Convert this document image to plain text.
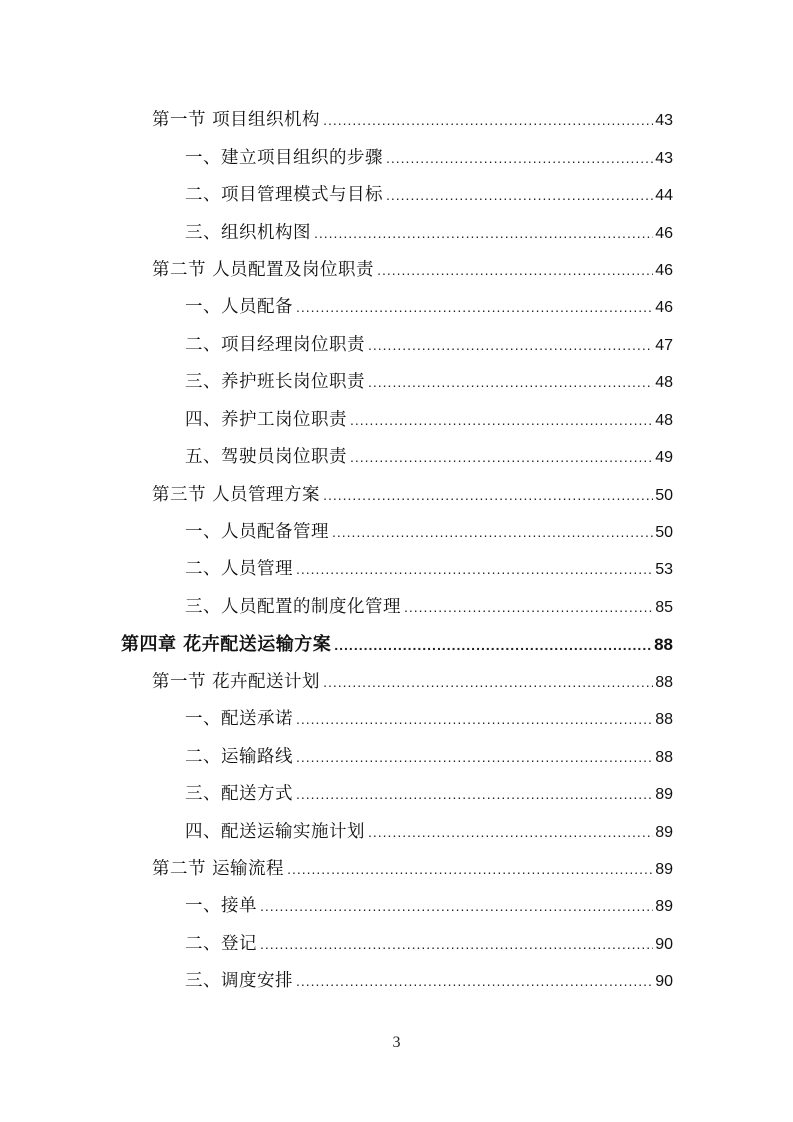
第一节 项目组织机构 .....	43
一、建立项目组织的步骤 .....	43
二、项目管理模式与目标 .....	44
三、组织机构图 .....	46
第二节 人员配置及岗位职责 .....	46
一、人员配备 .....	46
二、项目经理岗位职责 .....	47
三、养护班长岗位职责 .....	48
四、养护工岗位职责 .....	48
五、驾驶员岗位职责 .....	49
第三节 人员管理方案 .....	50
一、人员配备管理 .....	50
二、人员管理 .....	53
三、人员配置的制度化管理 .....	85
第四章 花卉配送运输方案 .....	88
第一节 花卉配送计划 .....	88
一、配送承诺 .....	88
二、运输路线 .....	88
三、配送方式 .....	89
四、配送运输实施计划 .....	89
第二节 运输流程 .....	89
一、接单 .....	89
二、登记 .....	90
三、调度安排 .....	90
3
